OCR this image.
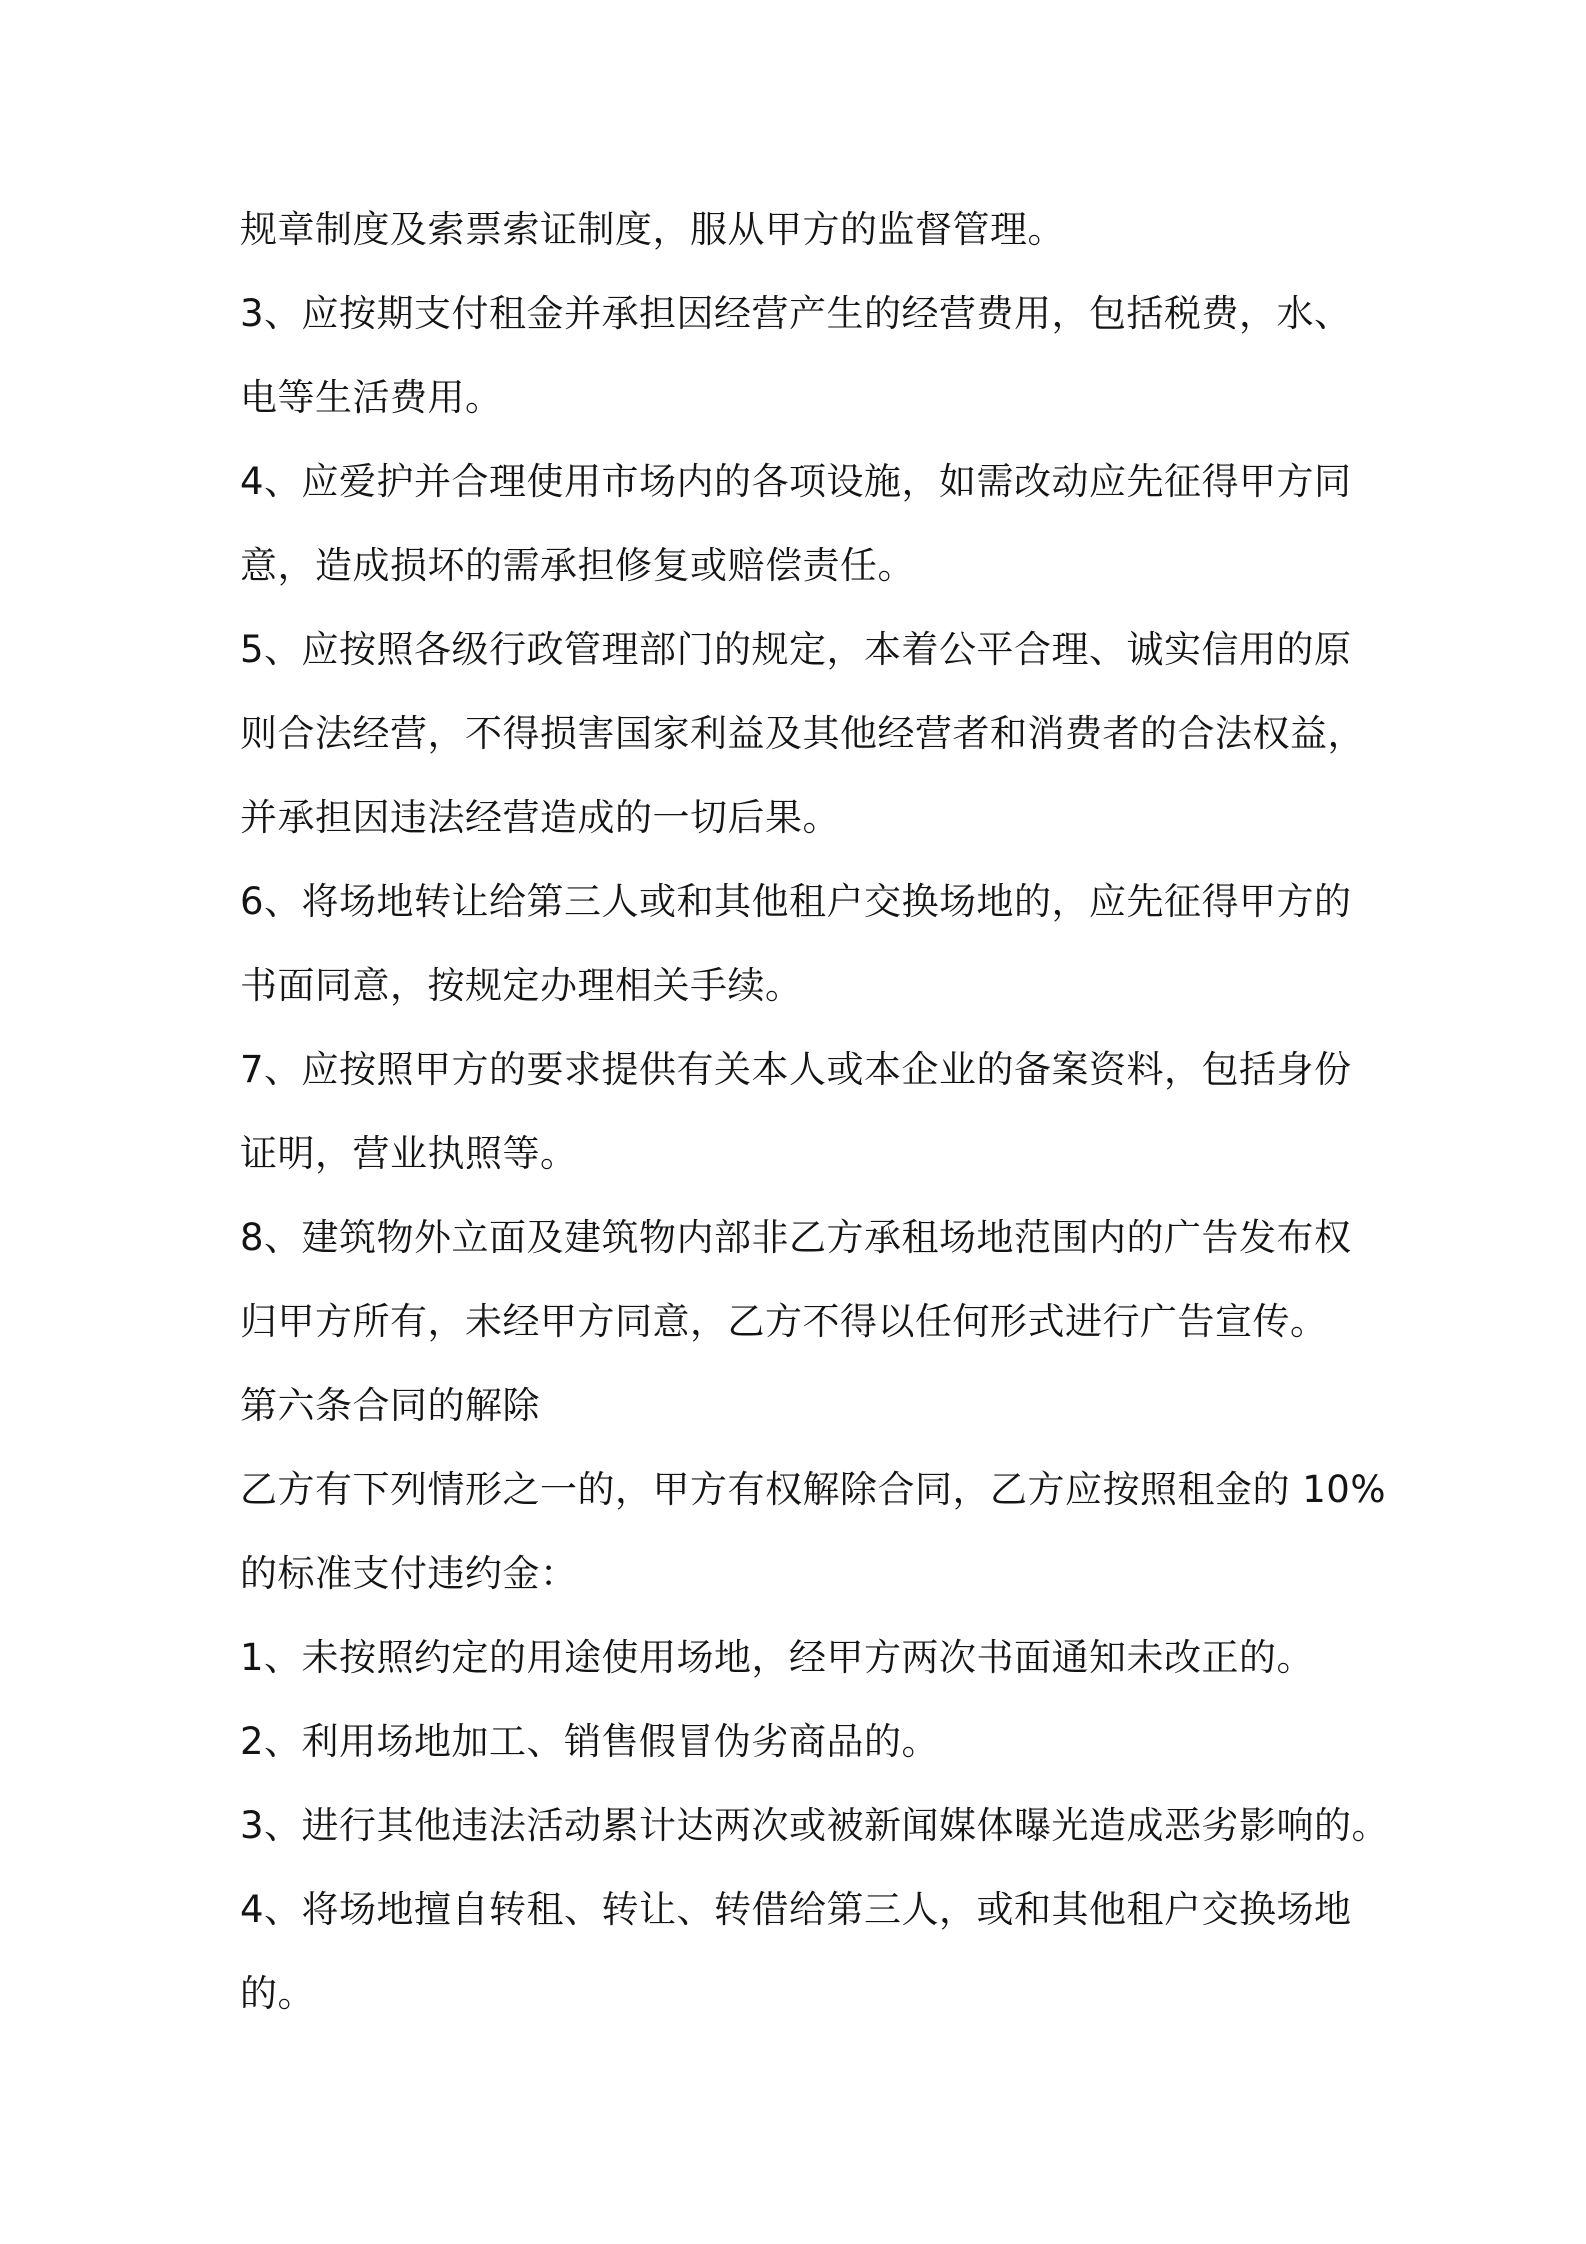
规章制度及索票索证制度，服从甲方的监督管理。

3、应按期支付租金并承担因经营产生的经营费用，包括税费，水、

电等生活费用。

4、应爱护并合理使用市场内的各项设施，如需改动应先征得甲方同

意，造成损坏的需承担修复或赔偿责任。

5、应按照各级行政管理部门的规定，本着公平合理、诚实信用的原

则合法经营，不得损害国家利益及其他经营者和消费者的合法权益，

并承担因违法经营造成的一切后果。

6、将场地转让给第三人或和其他租户交换场地的，应先征得甲方的

书面同意，按规定办理相关手续。

7、应按照甲方的要求提供有关本人或本企业的备案资料，包括身份

证明，营业执照等。

8、建筑物外立面及建筑物内部非乙方承租场地范围内的广告发布权

归甲方所有，未经甲方同意，乙方不得以任何形式进行广告宣传。

第六条合同的解除

乙方有下列情形之一的，甲方有权解除合同，乙方应按照租金的 10%

的标准支付违约金：

1、未按照约定的用途使用场地，经甲方两次书面通知未改正的。

2、利用场地加工、销售假冒伪劣商品的。

3、进行其他违法活动累计达两次或被新闻媒体曝光造成恶劣影响的。

4、将场地擅自转租、转让、转借给第三人，或和其他租户交换场地

的。
